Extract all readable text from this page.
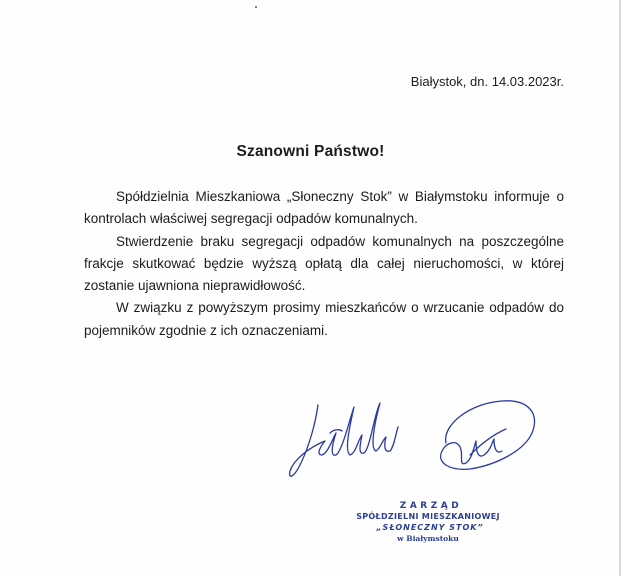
Białystok, dn. 14.03.2023r.
Szanowni Państwo!

Spółdzielnia Mieszkaniowa „Słoneczny Stok” w Białymstoku informuje o kontrolach właściwej segregacji odpadów komunalnych.

Stwierdzenie braku segregacji odpadów komunalnych na poszczególne frakcje skutkować będzie wyższą opłatą dla całej nieruchomości, w której zostanie ujawniona nieprawidłowość.

W związku z powyższym prosimy mieszkańców o wrzucanie odpadów do pojemników zgodnie z ich oznaczeniami.

ZARZĄD
SPÓŁDZIELNI MIESZKANIOWEJ
„SŁONECZNY STOK”
w Białymstoku
